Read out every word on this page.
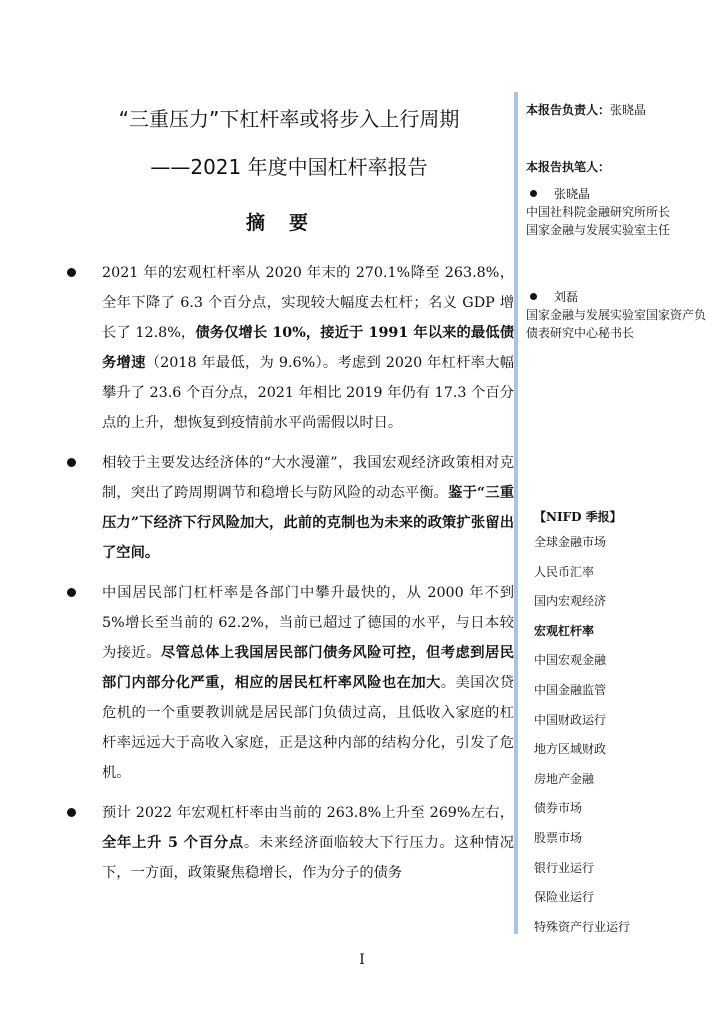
“三重压力”下杠杆率或将步入上行周期
——2021 年度中国杠杆率报告
摘要
2021 年的宏观杠杆率从 2020 年末的 270.1%降至 263.8%，全年下降了 6.3 个百分点，实现较大幅度去杠杆；名义 GDP 增长了 12.8%，债务仅增长 10%，接近于 1991 年以来的最低债务增速（2018 年最低，为 9.6%）。考虑到 2020 年杠杆率大幅攀升了 23.6 个百分点，2021 年相比 2019 年仍有 17.3 个百分点的上升，想恢复到疫情前水平尚需假以时日。
相较于主要发达经济体的“大水漫灌”，我国宏观经济政策相对克制，突出了跨周期调节和稳增长与防风险的动态平衡。鉴于“三重压力”下经济下行风险加大，此前的克制也为未来的政策扩张留出了空间。
中国居民部门杠杆率是各部门中攀升最快的，从 2000 年不到 5%增长至当前的 62.2%，当前已超过了德国的水平，与日本较为接近。尽管总体上我国居民部门债务风险可控，但考虑到居民部门内部分化严重，相应的居民杠杆率风险也在加大。美国次贷危机的一个重要教训就是居民部门负债过高，且低收入家庭的杠杆率远远大于高收入家庭，正是这种内部的结构分化，引发了危机。
预计 2022 年宏观杠杆率由当前的 263.8%上升至 269%左右，全年上升 5 个百分点。未来经济面临较大下行压力。这种情况下，一方面，政策聚焦稳增长，作为分子的债务
本报告负责人：张晓晶
本报告执笔人：
张晓晶

中国社科院金融研究所所长

国家金融与发展实验室主任

刘磊

国家金融与发展实验室国家资产负债表研究中心秘书长

【NIFD 季报】
全球金融市场
人民币汇率
国内宏观经济
宏观杠杆率
中国宏观金融
中国金融监管
中国财政运行
地方区域财政
房地产金融
债券市场
股票市场
银行业运行
保险业运行
特殊资产行业运行
I
